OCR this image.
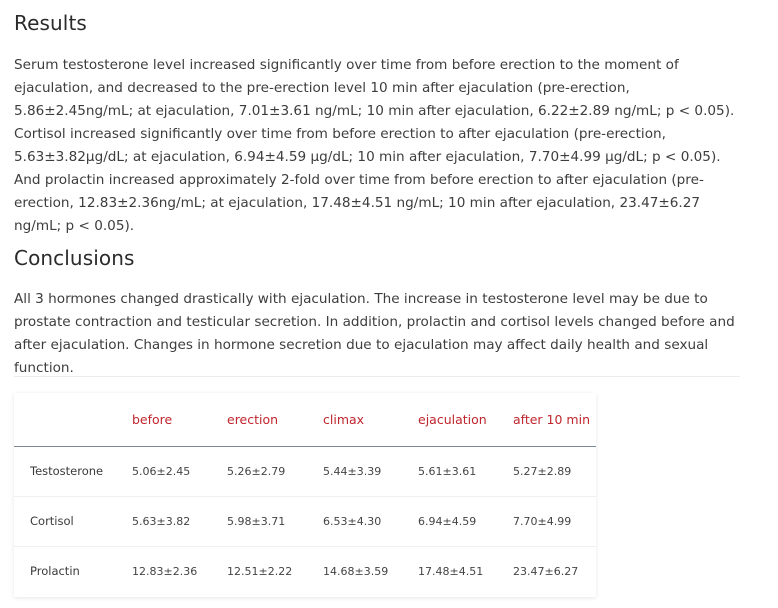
Results

Serum testosterone level increased significantly over time from before erection to the moment of ejaculation, and decreased to the pre-erection level 10 min after ejaculation (pre-erection, 5.86±2.45ng/mL; at ejaculation, 7.01±3.61 ng/mL; 10 min after ejaculation, 6.22±2.89 ng/mL; p < 0.05). Cortisol increased significantly over time from before erection to after ejaculation (pre-erection, 5.63±3.82μg/dL; at ejaculation, 6.94±4.59 μg/dL; 10 min after ejaculation, 7.70±4.99 μg/dL; p < 0.05). And prolactin increased approximately 2-fold over time from before erection to after ejaculation (pre-erection, 12.83±2.36ng/mL; at ejaculation, 17.48±4.51 ng/mL; 10 min after ejaculation, 23.47±6.27 ng/mL; p < 0.05).

Conclusions

All 3 hormones changed drastically with ejaculation. The increase in testosterone level may be due to prostate contraction and testicular secretion. In addition, prolactin and cortisol levels changed before and after ejaculation. Changes in hormone secretion due to ejaculation may affect daily health and sexual function.

	before	erection	climax	ejaculation	after 10 min
Testosterone	5.06±2.45	5.26±2.79	5.44±3.39	5.61±3.61	5.27±2.89
Cortisol	5.63±3.82	5.98±3.71	6.53±4.30	6.94±4.59	7.70±4.99
Prolactin	12.83±2.36	12.51±2.22	14.68±3.59	17.48±4.51	23.47±6.27
